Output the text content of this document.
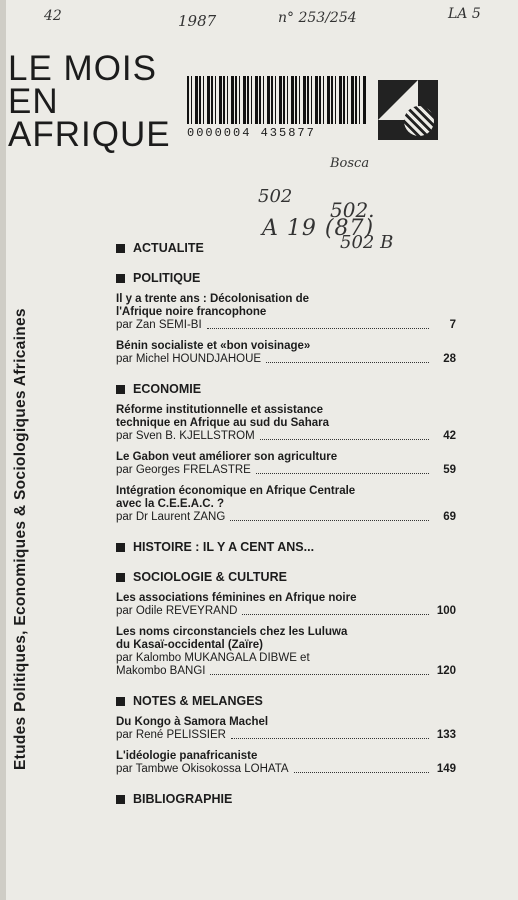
42	1987	n° 253/254	LA 5
Bosca
502
502.
A 19 (87)
502 B
LE MOIS
EN
AFRIQUE 0000004 435877
Etudes Politiques, Economiques & Sociologiques Africaines
ACTUALITE
POLITIQUE
Il y a trente ans : Décolonisation de
l'Afrique noire francophone
par Zan SEMI-BI	7
Bénin socialiste et «bon voisinage»
par Michel HOUNDJAHOUE	28
ECONOMIE
Réforme institutionnelle et assistance
technique en Afrique au sud du Sahara
par Sven B. KJELLSTROM	42
Le Gabon veut améliorer son agriculture
par Georges FRELASTRE	59
Intégration économique en Afrique Centrale
avec la C.E.E.A.C. ?
par Dr Laurent ZANG	69
HISTOIRE : IL Y A CENT ANS...
SOCIOLOGIE & CULTURE
Les associations féminines en Afrique noire
par Odile REVEYRAND	100
Les noms circonstanciels chez les Luluwa
du Kasaï-occidental (Zaïre)
par Kalombo MUKANGALA DIBWE et
Makombo BANGI	120
NOTES & MELANGES
Du Kongo à Samora Machel
par René PELISSIER	133
L'idéologie panafricaniste
par Tambwe Okisokossa LOHATA	149
BIBLIOGRAPHIE
